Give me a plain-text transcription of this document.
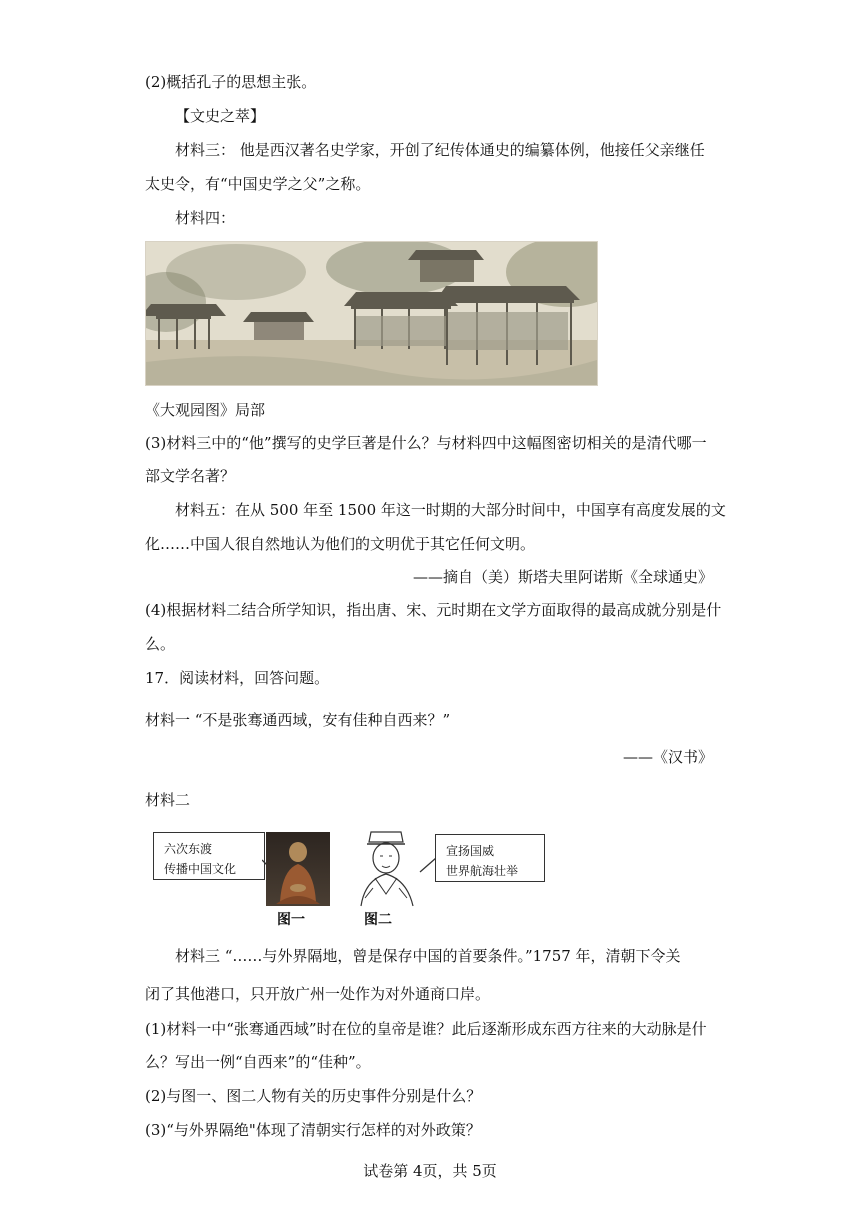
(2)概括孔子的思想主张。
【文史之萃】
材料三： 他是西汉著名史学家，开创了纪传体通史的编纂体例，他接任父亲继任
太史令，有“中国史学之父”之称。
材料四：
《大观园图》局部
(3)材料三中的“他”撰写的史学巨著是什么？与材料四中这幅图密切相关的是清代哪一
部文学名著？
材料五：在从 500 年至 1500 年这一时期的大部分时间中，中国享有高度发展的文
化……中国人很自然地认为他们的文明优于其它任何文明。
——摘自（美）斯塔夫里阿诺斯《全球通史》
(4)根据材料二结合所学知识，指出唐、宋、元时期在文学方面取得的最高成就分别是什
么。
17．阅读材料，回答问题。
材料一 “不是张骞通西域，安有佳种自西来？”
——《汉书》
材料二
六次东渡
传播中国文化
宣扬国威
世界航海壮举
图一	图二
材料三 “……与外界隔地，曾是保存中国的首要条件。”1757 年，清朝下令关
闭了其他港口，只开放广州一处作为对外通商口岸。
(1)材料一中“张骞通西域”时在位的皇帝是谁？此后逐渐形成东西方往来的大动脉是什
么？写出一例“自西来”的“佳种”。
(2)与图一、图二人物有关的历史事件分别是什么？
(3)“与外界隔绝"体现了清朝实行怎样的对外政策？
试卷第 4页，共 5页
